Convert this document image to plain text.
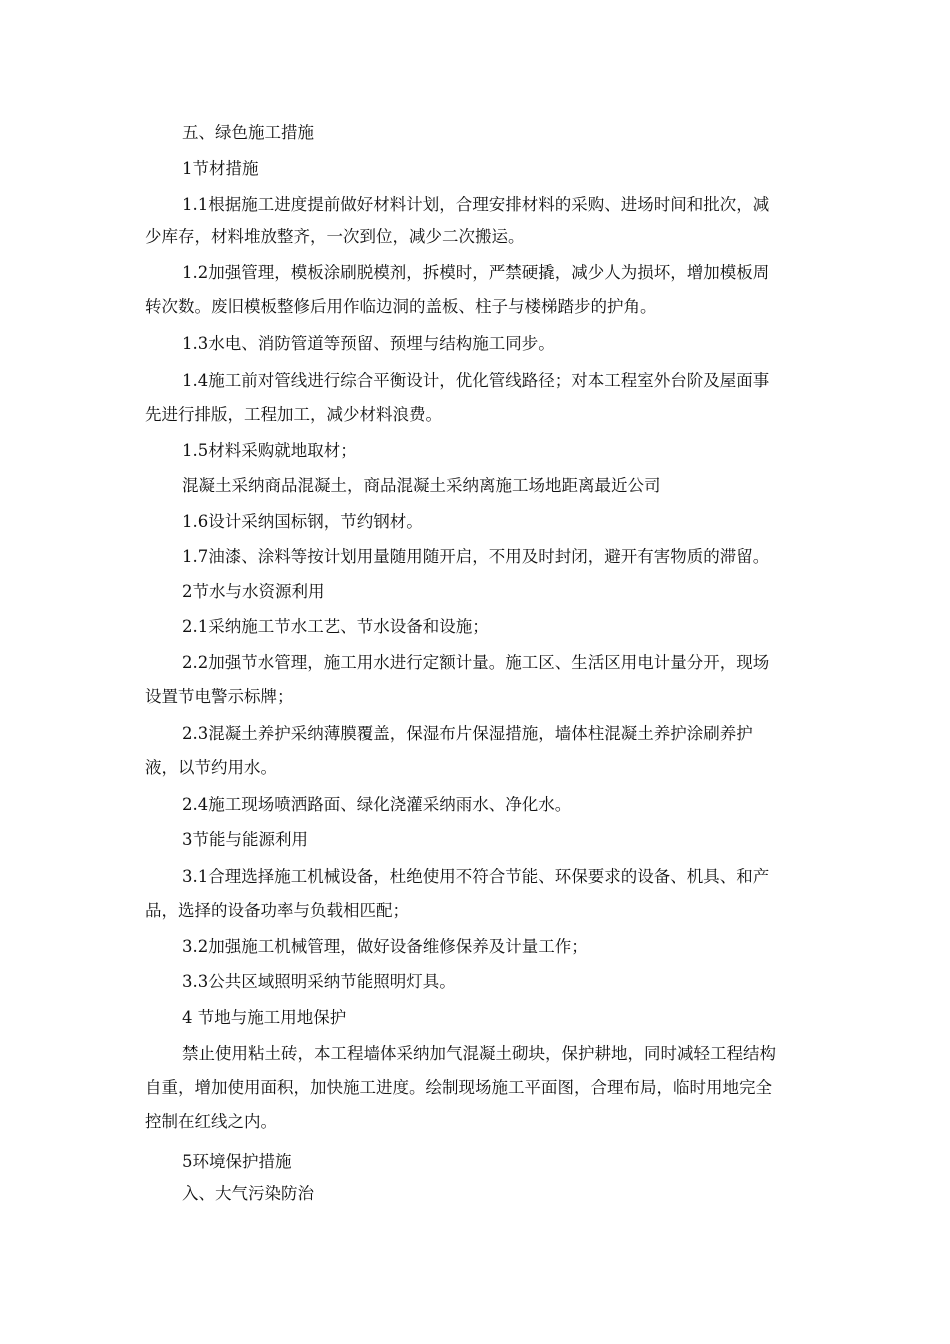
五、绿色施工措施
1节材措施
1.1根据施工进度提前做好材料计划，合理安排材料的采购、进场时间和批次，减
少库存，材料堆放整齐，一次到位，减少二次搬运。
1.2加强管理，模板涂刷脱模剂，拆模时，严禁硬撬，减少人为损坏，增加模板周
转次数。废旧模板整修后用作临边洞的盖板、柱子与楼梯踏步的护角。
1.3水电、消防管道等预留、预埋与结构施工同步。
1.4施工前对管线进行综合平衡设计，优化管线路径；对本工程室外台阶及屋面事
先进行排版，工程加工，减少材料浪费。
1.5材料采购就地取材；
混凝土采纳商品混凝土，商品混凝土采纳离施工场地距离最近公司
1.6设计采纳国标钢，节约钢材。
1.7油漆、涂料等按计划用量随用随开启，不用及时封闭，避开有害物质的滞留。
2节水与水资源利用
2.1采纳施工节水工艺、节水设备和设施；
2.2加强节水管理，施工用水进行定额计量。施工区、生活区用电计量分开，现场
设置节电警示标牌；
2.3混凝土养护采纳薄膜覆盖，保湿布片保湿措施，墙体柱混凝土养护涂刷养护
液，以节约用水。
2.4施工现场喷洒路面、绿化浇灌采纳雨水、净化水。
3节能与能源利用
3.1合理选择施工机械设备，杜绝使用不符合节能、环保要求的设备、机具、和产
品，选择的设备功率与负载相匹配；
3.2加强施工机械管理，做好设备维修保养及计量工作；
3.3公共区域照明采纳节能照明灯具。
4 节地与施工用地保护
禁止使用粘土砖，本工程墙体采纳加气混凝土砌块，保护耕地，同时减轻工程结构
自重，增加使用面积，加快施工进度。绘制现场施工平面图，合理布局，临时用地完全
控制在红线之内。
5环境保护措施
入、大气污染防治
